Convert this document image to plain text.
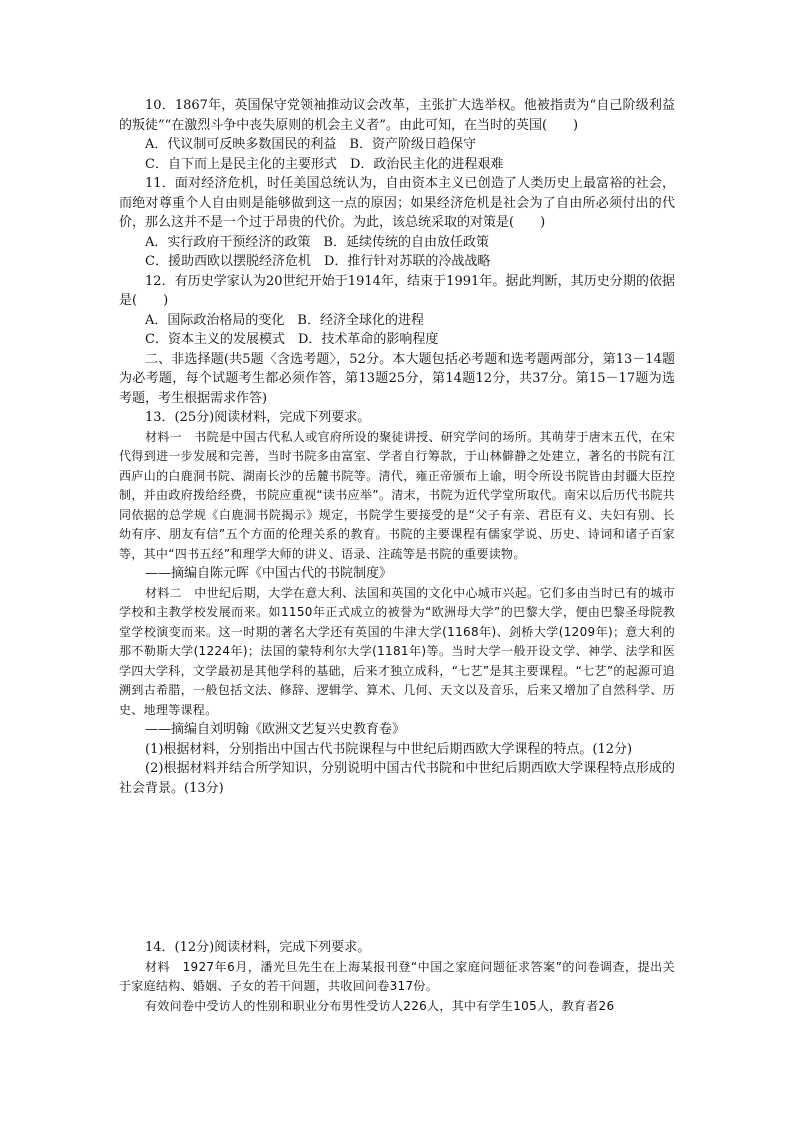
10．1867年，英国保守党领袖推动议会改革，主张扩大选举权。他被指责为“自己阶级利益的叛徒”“在激烈斗争中丧失原则的机会主义者”。由此可知，在当时的英国(　　)

A．代议制可反映多数国民的利益　B．资产阶级日趋保守

C．自下而上是民主化的主要形式　D．政治民主化的进程艰难

11．面对经济危机，时任美国总统认为，自由资本主义已创造了人类历史上最富裕的社会，而绝对尊重个人自由则是能够做到这一点的原因；如果经济危机是社会为了自由所必须付出的代价，那么这并不是一个过于昂贵的代价。为此，该总统采取的对策是(　　)

A．实行政府干预经济的政策　B．延续传统的自由放任政策

C．援助西欧以摆脱经济危机　D．推行针对苏联的冷战战略

12．有历史学家认为20世纪开始于1914年，结束于1991年。据此判断，其历史分期的依据是(　　)

A．国际政治格局的变化　B．经济全球化的进程

C．资本主义的发展模式　D．技术革命的影响程度

二、非选择题(共5题〈含选考题〉，52分。本大题包括必考题和选考题两部分，第13－14题为必考题，每个试题考生都必须作答，第13题25分，第14题12分，共37分。第15－17题为选考题，考生根据需求作答)

13．(25分)阅读材料，完成下列要求。

材料一　书院是中国古代私人或官府所设的聚徒讲授、研究学问的场所。其萌芽于唐末五代，在宋代得到进一步发展和完善，当时书院多由富室、学者自行筹款，于山林僻静之处建立，著名的书院有江西庐山的白鹿洞书院、湖南长沙的岳麓书院等。清代，雍正帝颁布上谕，明令所设书院皆由封疆大臣控制，并由政府拨给经费，书院应重视“读书应举”。清末，书院为近代学堂所取代。南宋以后历代书院共同依据的总学规《白鹿洞书院揭示》规定，书院学生要接受的是“父子有亲、君臣有义、夫妇有别、长幼有序、朋友有信”五个方面的伦理关系的教育。书院的主要课程有儒家学说、历史、诗词和诸子百家等，其中“四书五经”和理学大师的讲义、语录、注疏等是书院的重要读物。

——摘编自陈元晖《中国古代的书院制度》

材料二　中世纪后期，大学在意大利、法国和英国的文化中心城市兴起。它们多由当时已有的城市学校和主教学校发展而来。如1150年正式成立的被誉为“欧洲母大学”的巴黎大学，便由巴黎圣母院教堂学校演变而来。这一时期的著名大学还有英国的牛津大学(1168年)、剑桥大学(1209年)；意大利的那不勒斯大学(1224年)；法国的蒙特利尔大学(1181年)等。当时大学一般开设文学、神学、法学和医学四大学科，文学最初是其他学科的基础，后来才独立成科，“七艺”是其主要课程。“七艺”的起源可追溯到古希腊，一般包括文法、修辞、逻辑学、算术、几何、天文以及音乐，后来又增加了自然科学、历史、地理等课程。

——摘编自刘明翰《欧洲文艺复兴史教育卷》

(1)根据材料，分别指出中国古代书院课程与中世纪后期西欧大学课程的特点。(12分)

(2)根据材料并结合所学知识，分别说明中国古代书院和中世纪后期西欧大学课程特点形成的社会背景。(13分)

14．(12分)阅读材料，完成下列要求。

材料　1927年6月，潘光旦先生在上海某报刊登“中国之家庭问题征求答案”的问卷调查，提出关于家庭结构、婚姻、子女的若干问题，共收回问卷317份。

有效问卷中受访人的性别和职业分布男性受访人226人，其中有学生105人，教育者26
